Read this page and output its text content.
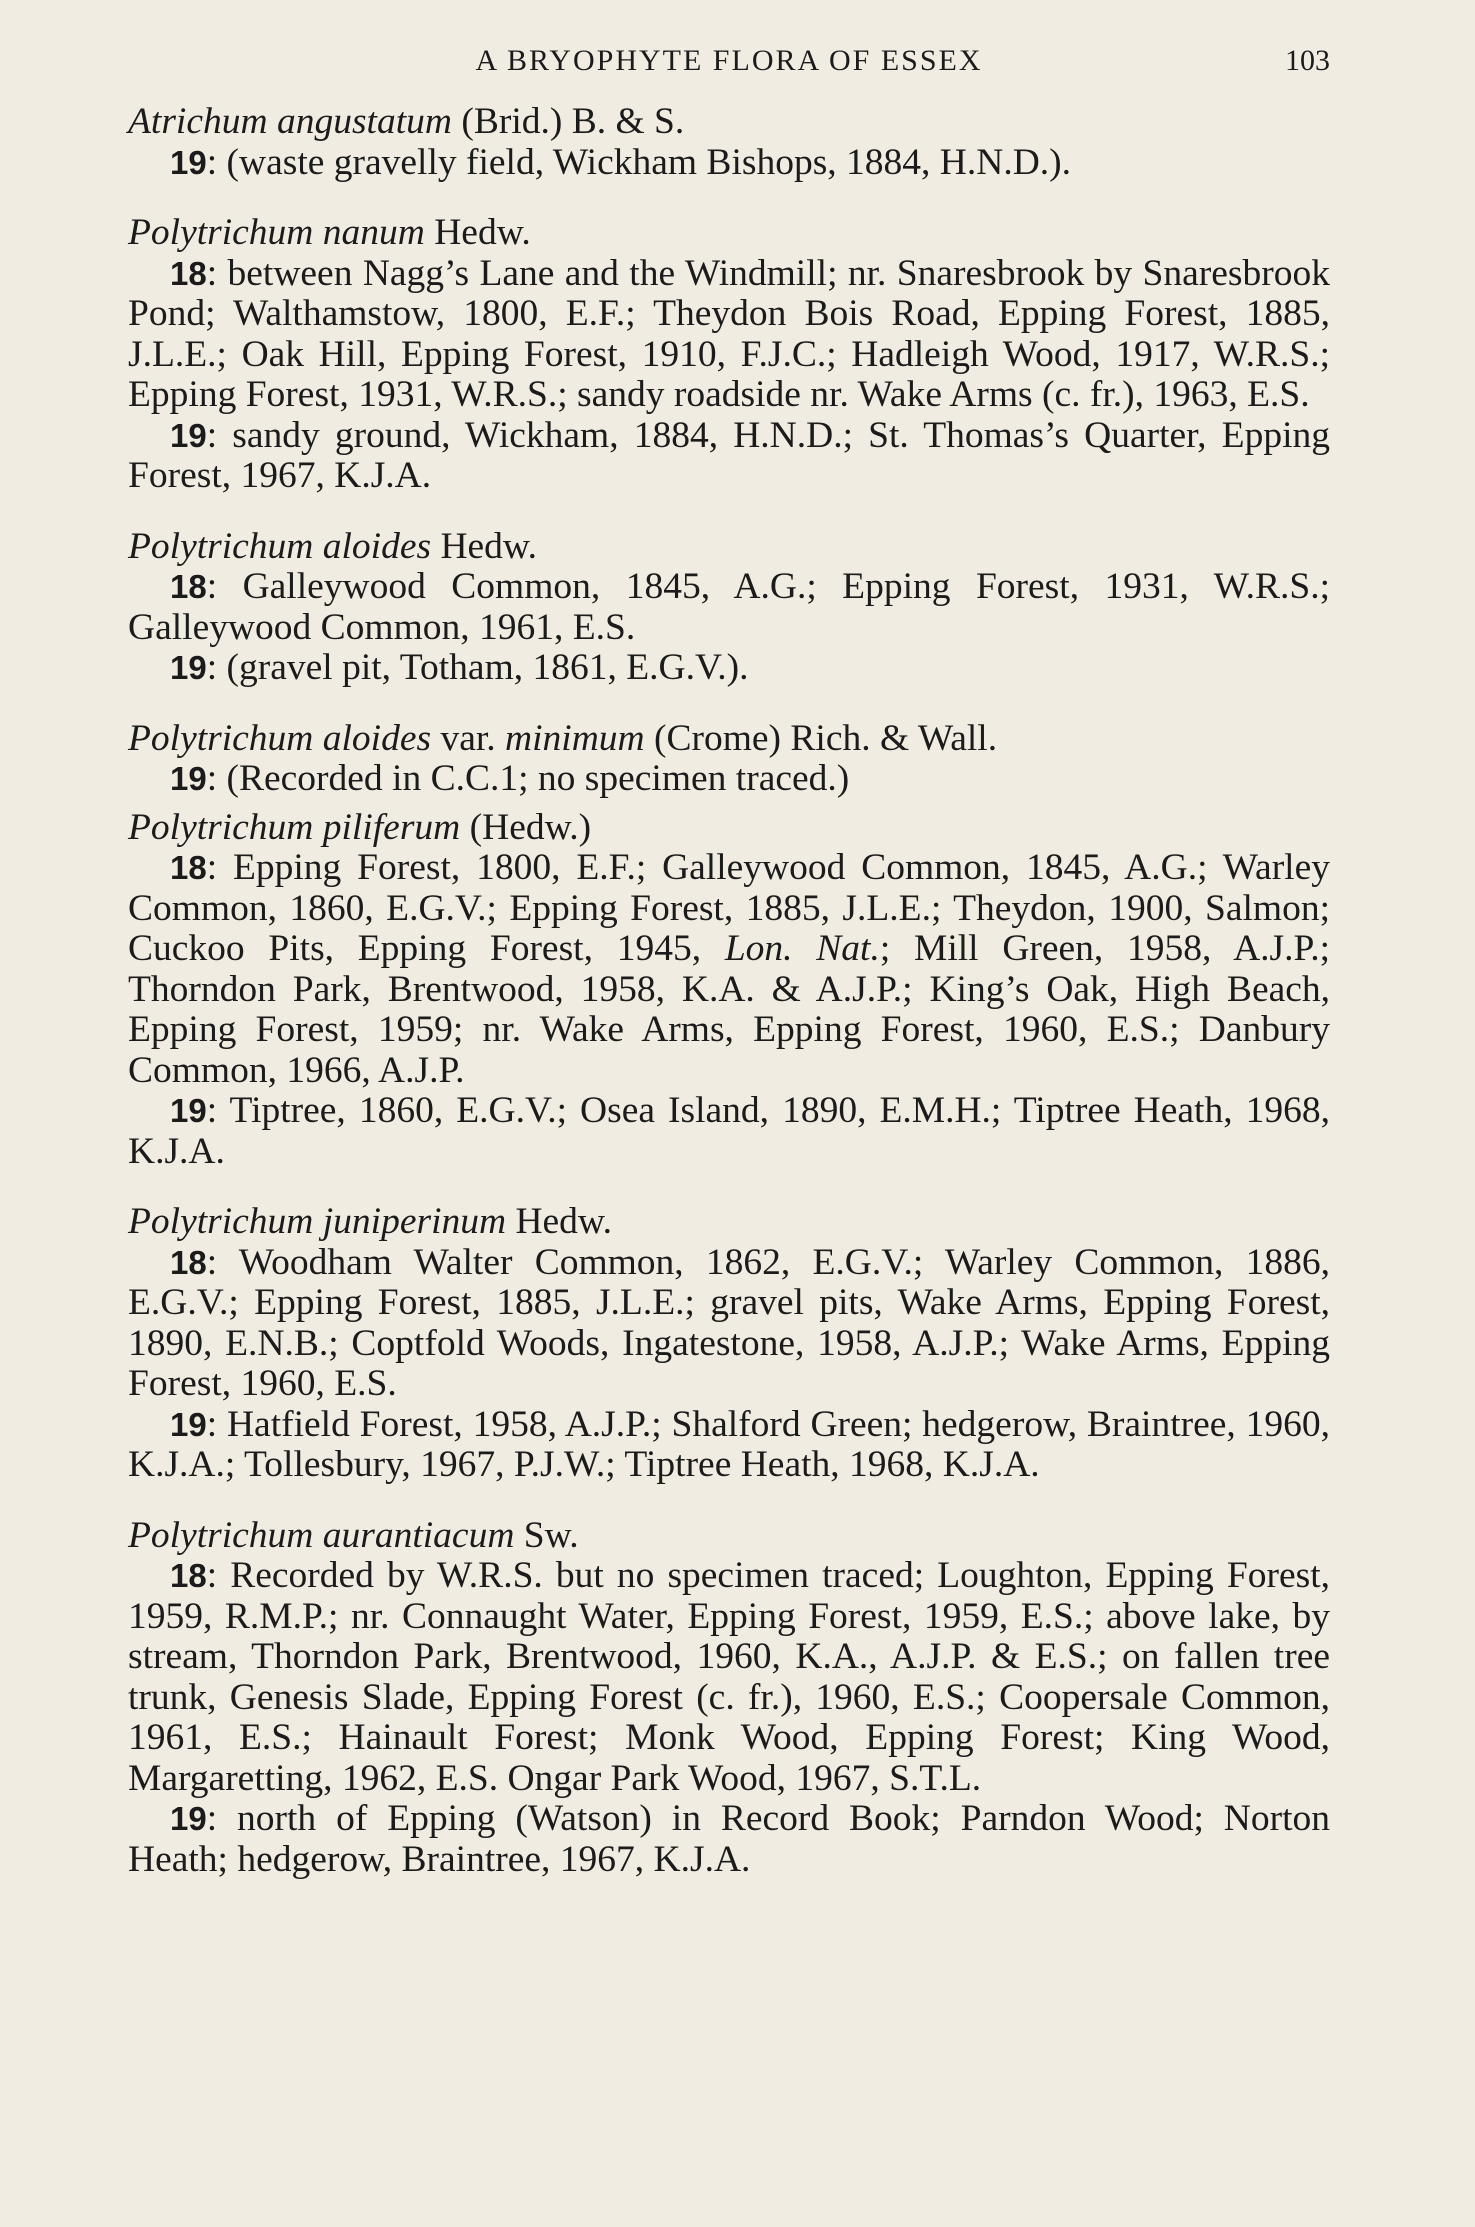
A BRYOPHYTE FLORA OF ESSEX	103

Atrichum angustatum (Brid.) B. & S.

19: (waste gravelly field, Wickham Bishops, 1884, H.N.D.).

Polytrichum nanum Hedw.

18: between Nagg’s Lane and the Windmill; nr. Snaresbrook by Snaresbrook Pond; Walthamstow, 1800, E.F.; Theydon Bois Road, Epping Forest, 1885, J.L.E.; Oak Hill, Epping Forest, 1910, F.J.C.; Hadleigh Wood, 1917, W.R.S.; Epping Forest, 1931, W.R.S.; sandy roadside nr. Wake Arms (c. fr.), 1963, E.S.

19: sandy ground, Wickham, 1884, H.N.D.; St. Thomas’s Quarter, Epping Forest, 1967, K.J.A.

Polytrichum aloides Hedw.

18: Galleywood Common, 1845, A.G.; Epping Forest, 1931, W.R.S.; Galleywood Common, 1961, E.S.

19: (gravel pit, Totham, 1861, E.G.V.).

Polytrichum aloides var. minimum (Crome) Rich. & Wall.

19: (Recorded in C.C.1; no specimen traced.)

Polytrichum piliferum (Hedw.)

18: Epping Forest, 1800, E.F.; Galleywood Common, 1845, A.G.; Warley Common, 1860, E.G.V.; Epping Forest, 1885, J.L.E.; Theydon, 1900, Salmon; Cuckoo Pits, Epping Forest, 1945, Lon. Nat.; Mill Green, 1958, A.J.P.; Thorndon Park, Brentwood, 1958, K.A. & A.J.P.; King’s Oak, High Beach, Epping Forest, 1959; nr. Wake Arms, Epping Forest, 1960, E.S.; Danbury Common, 1966, A.J.P.

19: Tiptree, 1860, E.G.V.; Osea Island, 1890, E.M.H.; Tiptree Heath, 1968, K.J.A.

Polytrichum juniperinum Hedw.

18: Woodham Walter Common, 1862, E.G.V.; Warley Common, 1886, E.G.V.; Epping Forest, 1885, J.L.E.; gravel pits, Wake Arms, Epping Forest, 1890, E.N.B.; Coptfold Woods, Ingatestone, 1958, A.J.P.; Wake Arms, Epping Forest, 1960, E.S.

19: Hatfield Forest, 1958, A.J.P.; Shalford Green; hedgerow, Braintree, 1960, K.J.A.; Tollesbury, 1967, P.J.W.; Tiptree Heath, 1968, K.J.A.

Polytrichum aurantiacum Sw.

18: Recorded by W.R.S. but no specimen traced; Loughton, Epping Forest, 1959, R.M.P.; nr. Connaught Water, Epping Forest, 1959, E.S.; above lake, by stream, Thorndon Park, Brentwood, 1960, K.A., A.J.P. & E.S.; on fallen tree trunk, Genesis Slade, Epping Forest (c. fr.), 1960, E.S.; Coopersale Common, 1961, E.S.; Hainault Forest; Monk Wood, Epping Forest; King Wood, Margaretting, 1962, E.S. Ongar Park Wood, 1967, S.T.L.

19: north of Epping (Watson) in Record Book; Parndon Wood; Norton Heath; hedgerow, Braintree, 1967, K.J.A.
